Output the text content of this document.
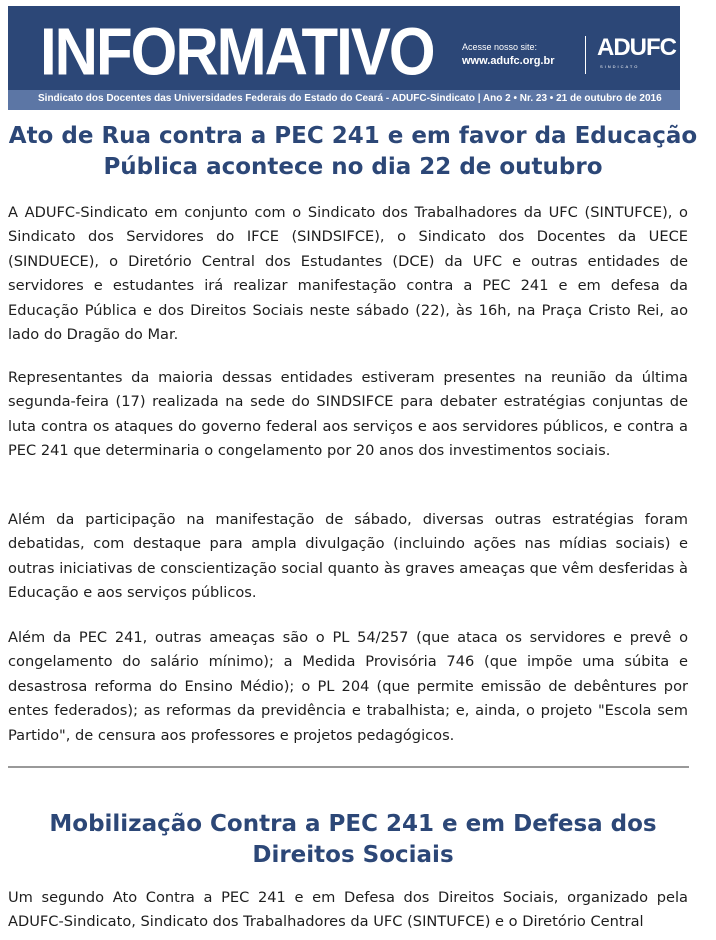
INFORMATIVO	Acesse nosso site:
www.adufc.org.br ADUFC
SINDICATO
Sindicato dos Docentes das Universidades Federais do Estado do Ceará - ADUFC-Sindicato | Ano 2 • Nr. 23 • 21 de outubro de 2016
Ato de Rua contra a PEC 241 e em favor da Educação Pública acontece no dia 22 de outubro

A ADUFC-Sindicato em conjunto com o Sindicato dos Trabalhadores da UFC (SINTUFCE), o Sindicato dos Servidores do IFCE (SINDSIFCE), o Sindicato dos Docentes da UECE (SINDUECE), o Diretório Central dos Estudantes (DCE) da UFC e outras entidades de servidores e estudantes irá realizar manifestação contra a PEC 241 e em defesa da Educação Pública e dos Direitos Sociais neste sábado (22), às 16h, na Praça Cristo Rei, ao lado do Dragão do Mar.

Representantes da maioria dessas entidades estiveram presentes na reunião da última segunda-feira (17) realizada na sede do SINDSIFCE para debater estratégias conjuntas de luta contra os ataques do governo federal aos serviços e aos servidores públicos, e contra a PEC 241 que determinaria o congelamento por 20 anos dos investimentos sociais.

Além da participação na manifestação de sábado, diversas outras estratégias foram debatidas, com destaque para ampla divulgação (incluindo ações nas mídias sociais) e outras iniciativas de conscientização social quanto às graves ameaças que vêm desferidas à Educação e aos serviços públicos.

Além da PEC 241, outras ameaças são o PL 54/257 (que ataca os servidores e prevê o congelamento do salário mínimo); a Medida Provisória 746 (que impõe uma súbita e desastrosa reforma do Ensino Médio); o PL 204 (que permite emissão de debêntures por entes federados); as reformas da previdência e trabalhista; e, ainda, o projeto "Escola sem Partido", de censura aos professores e projetos pedagógicos.

Mobilização Contra a PEC 241 e em Defesa dos Direitos Sociais

Um segundo Ato Contra a PEC 241 e em Defesa dos Direitos Sociais, organizado pela ADUFC-Sindicato, Sindicato dos Trabalhadores da UFC (SINTUFCE) e o Diretório Central
